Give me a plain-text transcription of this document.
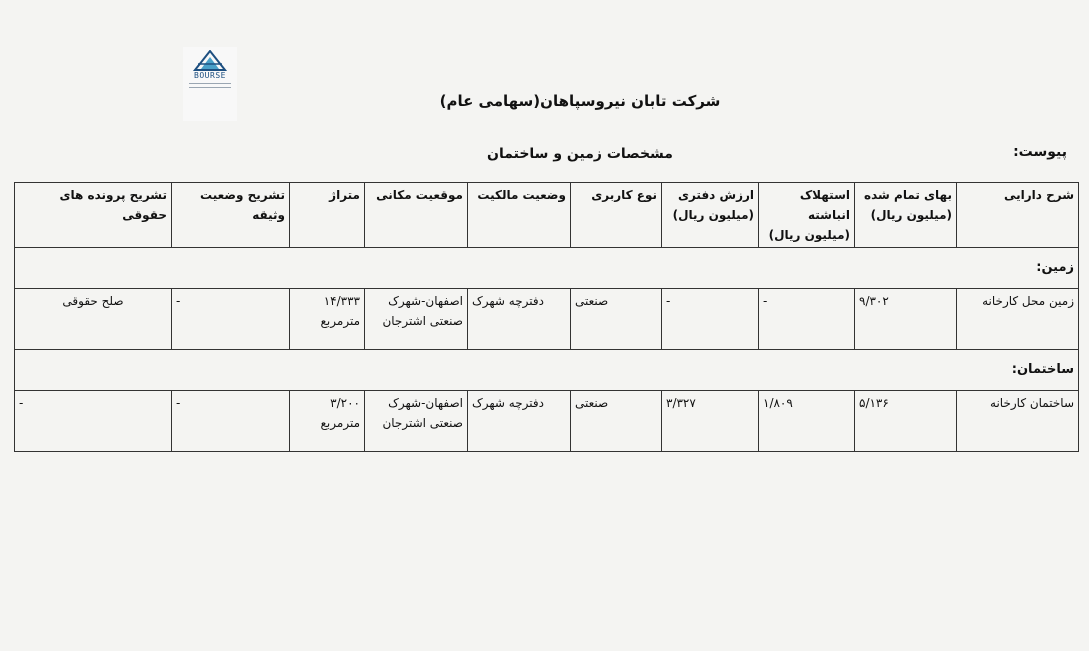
BOURSE
شرکت تابان نیروسپاهان(سهامی عام)
پیوست:
مشخصات زمین و ساختمان
شرح دارایی	بهای تمام شده (میلیون ریال)	استهلاک انباشته (میلیون ریال)	ارزش دفتری (میلیون ریال)	نوع کاربری	وضعیت مالکیت	موقعیت مکانی	متراژ	تشریح وضعیت وثیقه	تشریح پرونده های حقوقی
زمین:									
زمین محل کارخانه	۹/۳۰۲	-	-	صنعتی	دفترچه شهرک	اصفهان-شهرک صنعتی اشترجان	۱۴/۳۳۳ مترمربع	-	صلح حقوقی
ساختمان:									
ساختمان کارخانه	۵/۱۳۶	۱/۸۰۹	۳/۳۲۷	صنعتی	دفترچه شهرک	اصفهان-شهرک صنعتی اشترجان	۳/۲۰۰ مترمربع	-	-
